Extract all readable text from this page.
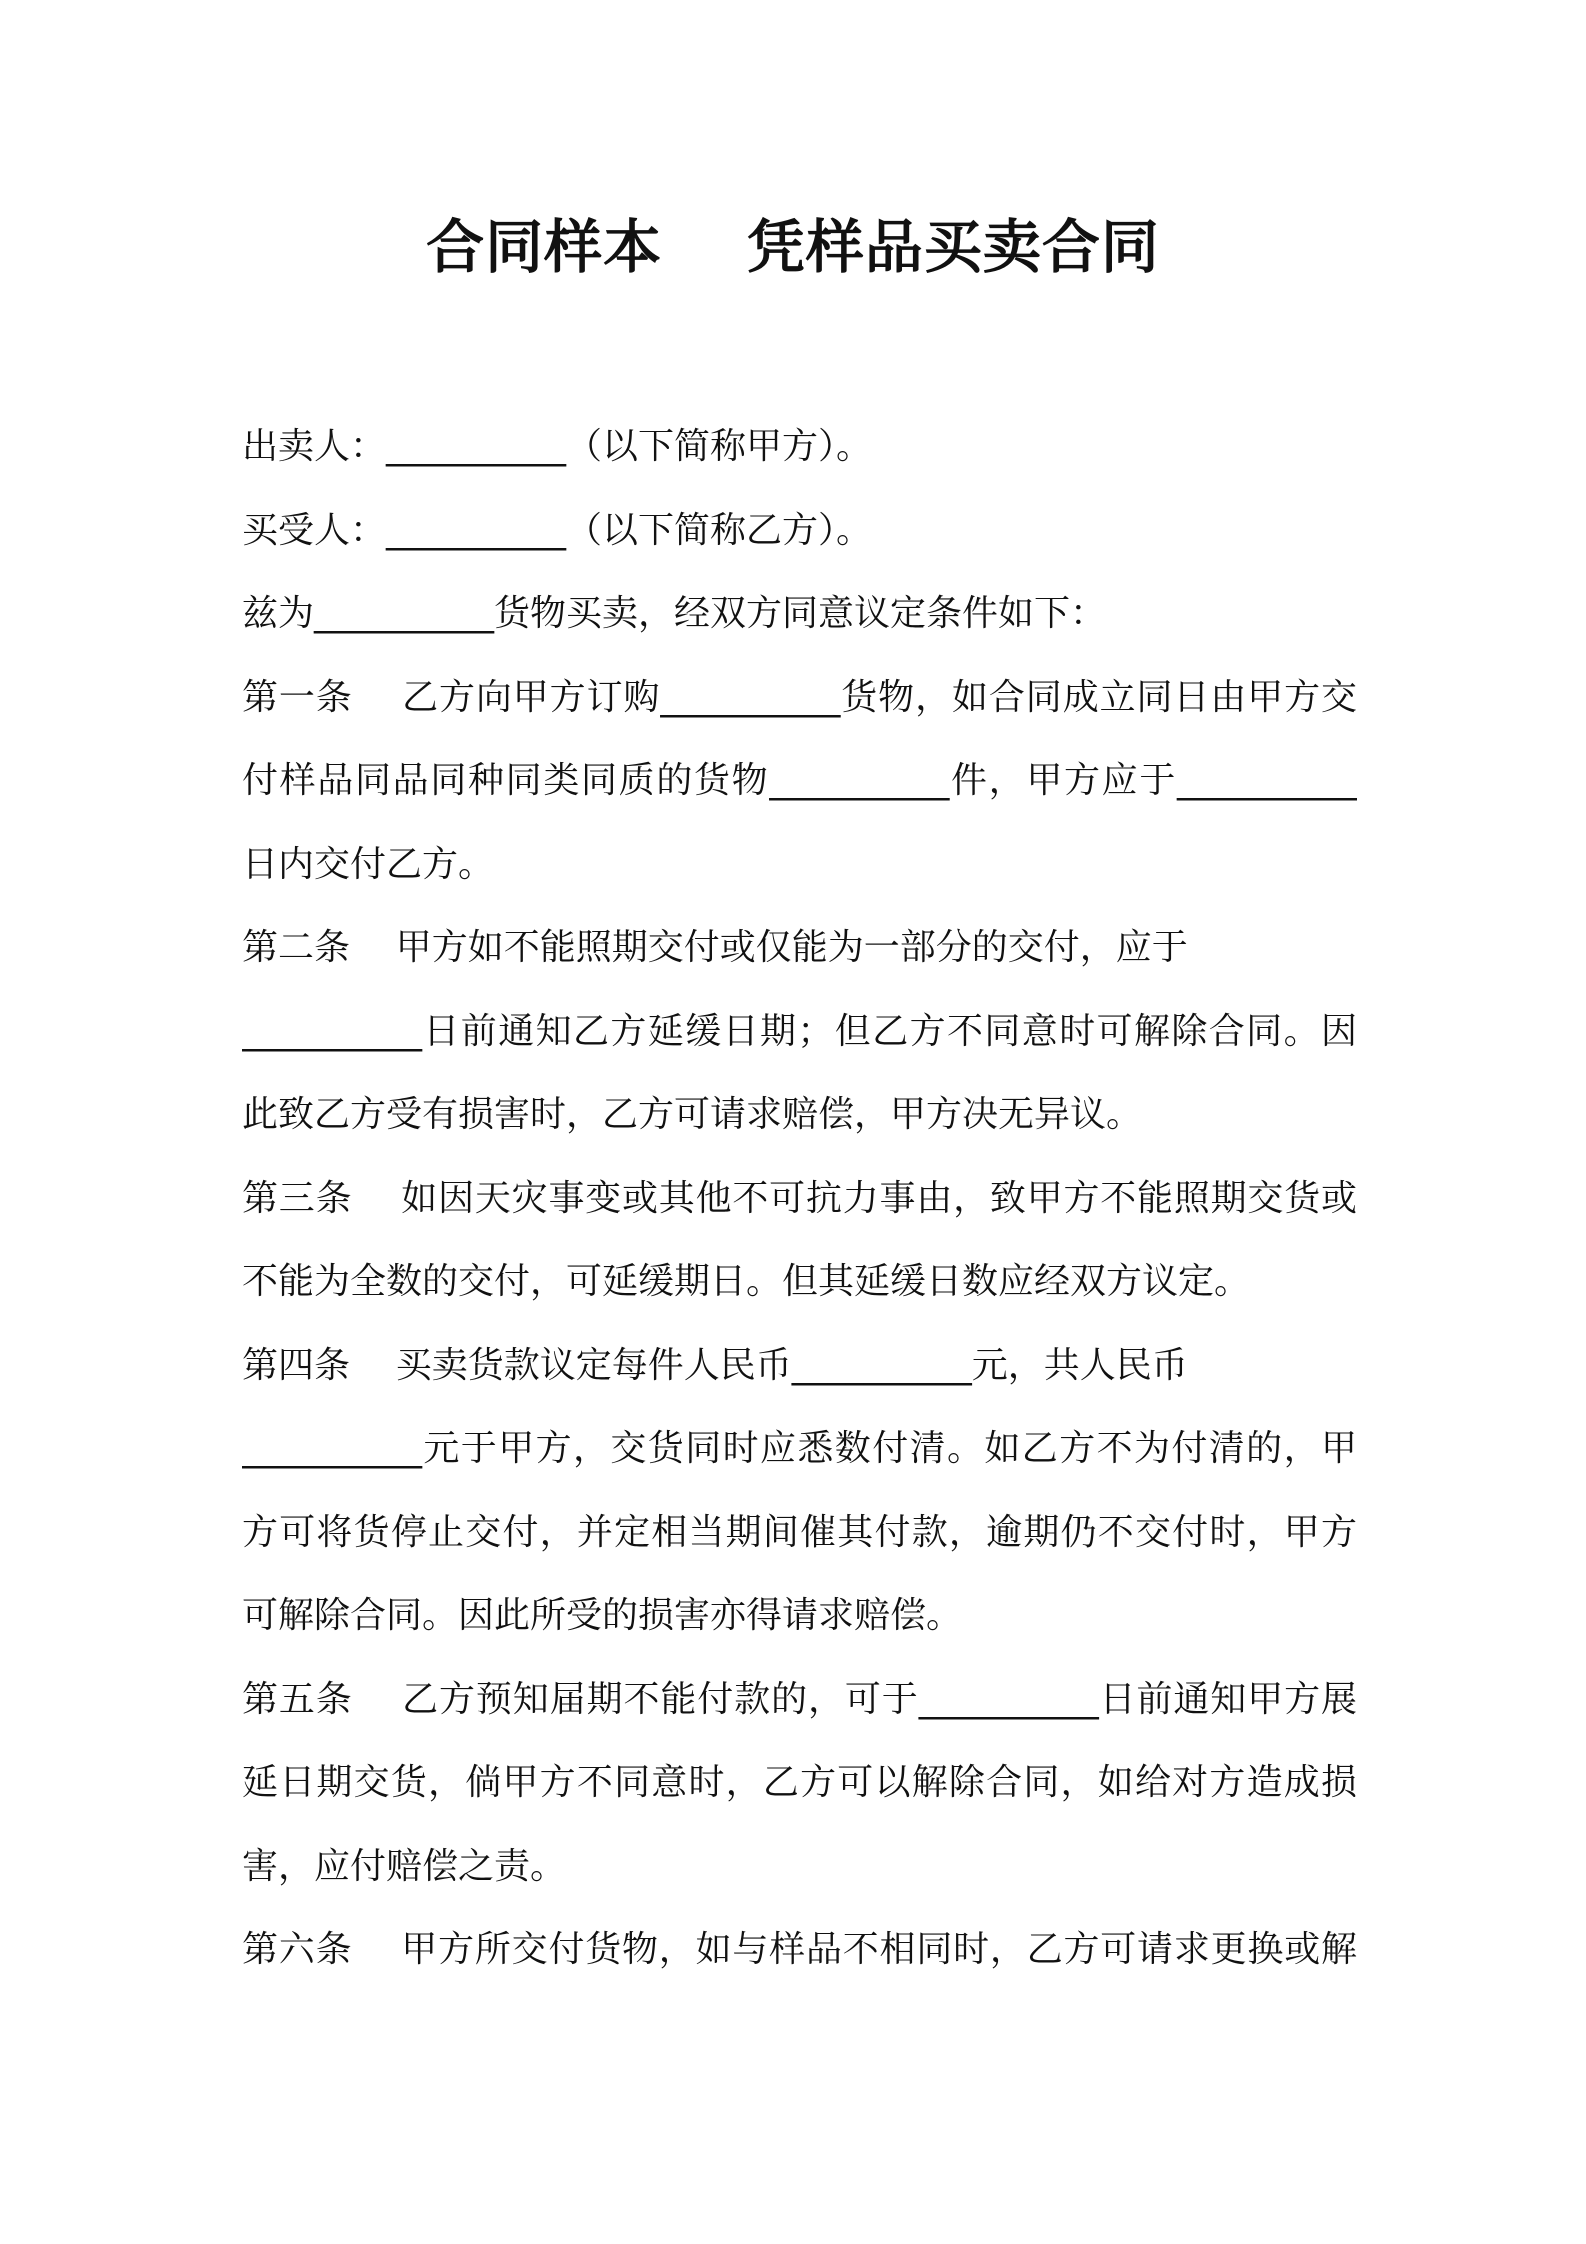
合同样本    凭样品买卖合同
出卖人：__________（以下简称甲方）。
买受人：__________（以下简称乙方）。
兹为__________货物买卖，经双方同意议定条件如下：
第一条    乙方向甲方订购__________货物，如合同成立同日由甲方交
付样品同品同种同类同质的货物__________件，甲方应于__________
日内交付乙方。
第二条    甲方如不能照期交付或仅能为一部分的交付，应于
__________日前通知乙方延缓日期；但乙方不同意时可解除合同。因
此致乙方受有损害时，乙方可请求赔偿，甲方决无异议。
第三条    如因天灾事变或其他不可抗力事由，致甲方不能照期交货或
不能为全数的交付，可延缓期日。但其延缓日数应经双方议定。
第四条    买卖货款议定每件人民币__________元，共人民币
__________元于甲方，交货同时应悉数付清。如乙方不为付清的，甲
方可将货停止交付，并定相当期间催其付款，逾期仍不交付时，甲方
可解除合同。因此所受的损害亦得请求赔偿。
第五条    乙方预知届期不能付款的，可于__________日前通知甲方展
延日期交货，倘甲方不同意时，乙方可以解除合同，如给对方造成损
害，应付赔偿之责。
第六条    甲方所交付货物，如与样品不相同时，乙方可请求更换或解
